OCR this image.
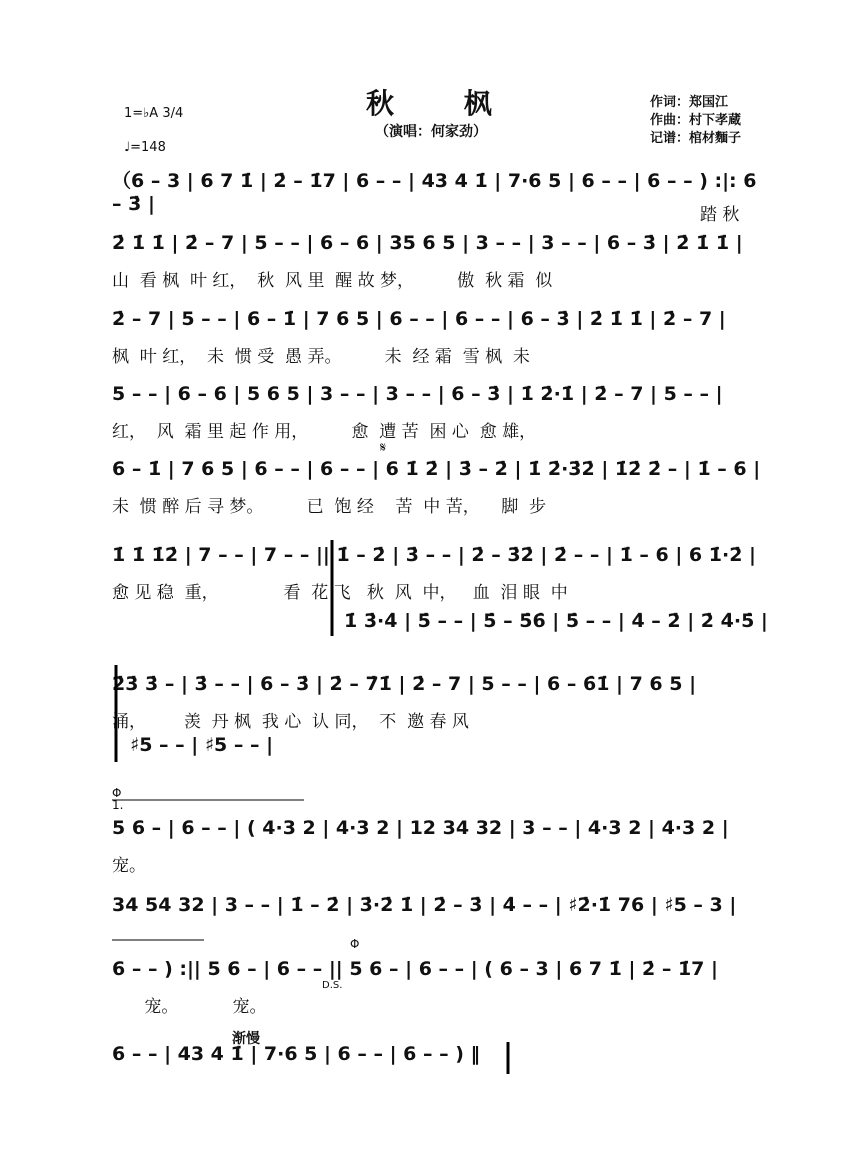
秋 枫
（演唱：何家劲）
作词：郑国江
作曲：村下孝蔵
记谱：棺材麵子
1=♭A 3/4
♩=148
（6 – 3 | 6 7 1̇ | 2̇ – 1̇7 | 6 – – | 43 4 1̇ | 7·6 5 | 6 – – | 6 – – ) :|: 6 – 3̇ |	踏 秋
2̇ 1̇ 1̇ | 2̇ – 7 | 5 – – | 6 – 6 | 35 6 5 | 3 – – | 3 – – | 6 – 3̇ | 2̇ 1̇ 1̇ |
山  看 枫  叶 红，  秋  风 里  醒 故 梦，        傲  秋 霜  似
2̇ – 7 | 5 – – | 6 – 1̇ | 7 6 5 | 6 – – | 6 – – | 6 – 3̇ | 2̇ 1̇ 1̇ | 2̇ – 7 |
枫  叶 红，  未  惯 受  愚 弄。        未  经 霜  雪 枫  未
5 – – | 6 – 6 | 5 6 5 | 3 – – | 3 – – | 6 – 3̇ | 1̇ 2̇·1̇ | 2̇ – 7 | 5 – – |
红，  风  霜 里 起 作 用，        愈  遭 苦  困 心  愈 雄，
6 – 1̇ | 7 6 5 | 6 – – | 6 – – | 6 1̇ 2̇ | 3̇ – 2̇ | 1̇ 2̇·3̇2̇ | 1̇2̇ 2̇ – | 1̇ – 6 |
未  惯 醉 后 寻 梦。        已  饱 经    苦  中 苦，    脚  步
1̇ 1̇ 1̇2̇ | 7 – – | 7 – – || 1̇ – 2̇ | 3̇ – – | 2̇ – 3̇2̇ | 2̇ – – | 1̇ – 6 | 6 1̇·2̇ |
愈 见 稳  重，            看  花 飞   秋  风  中，   血  泪 眼  中
1̇ 3̇·4̇ | 5̇ – – | 5̇ – 5̇6̇ | 5̇ – – | 4̇ – 2̇ | 2̇ 4̇·5̇ |
2̇3̇ 3̇ – | 3̇ – – | 6 – 3̇ | 2̇ – 7̇1̇ | 2̇ – 7 | 5 – – | 6 – 6̇1̇ | 7 6 5 |
涌，       羡  丹 枫  我 心  认 同，  不  邀 春 风
♯5 – – | ♯5 – – |
5 6 – | 6 – – | ( 4·3 2 | 4·3 2 | 12 34 32 | 3 – – | 4·3 2 | 4·3 2 |
宠。
34 54 32 | 3 – – | 1̇ – 2̇ | 3̇·2̇ 1̇ | 2̇ – 3̇ | 4̇ – – | ♯2̇·1̇ 76 | ♯5 – 3 |
6 – – ) :|| 5 6 – | 6 – – || 5 6 – | 6 – – | ( 6 – 3 | 6 7 1̇ | 2̇ – 1̇7 |
宠。          宠。
6 – – | 43 4 1̇ | 7·6 5 | 6 – – | 6 – – ) ‖
𝄋
Φ
1.
D.S.
Φ
渐慢
